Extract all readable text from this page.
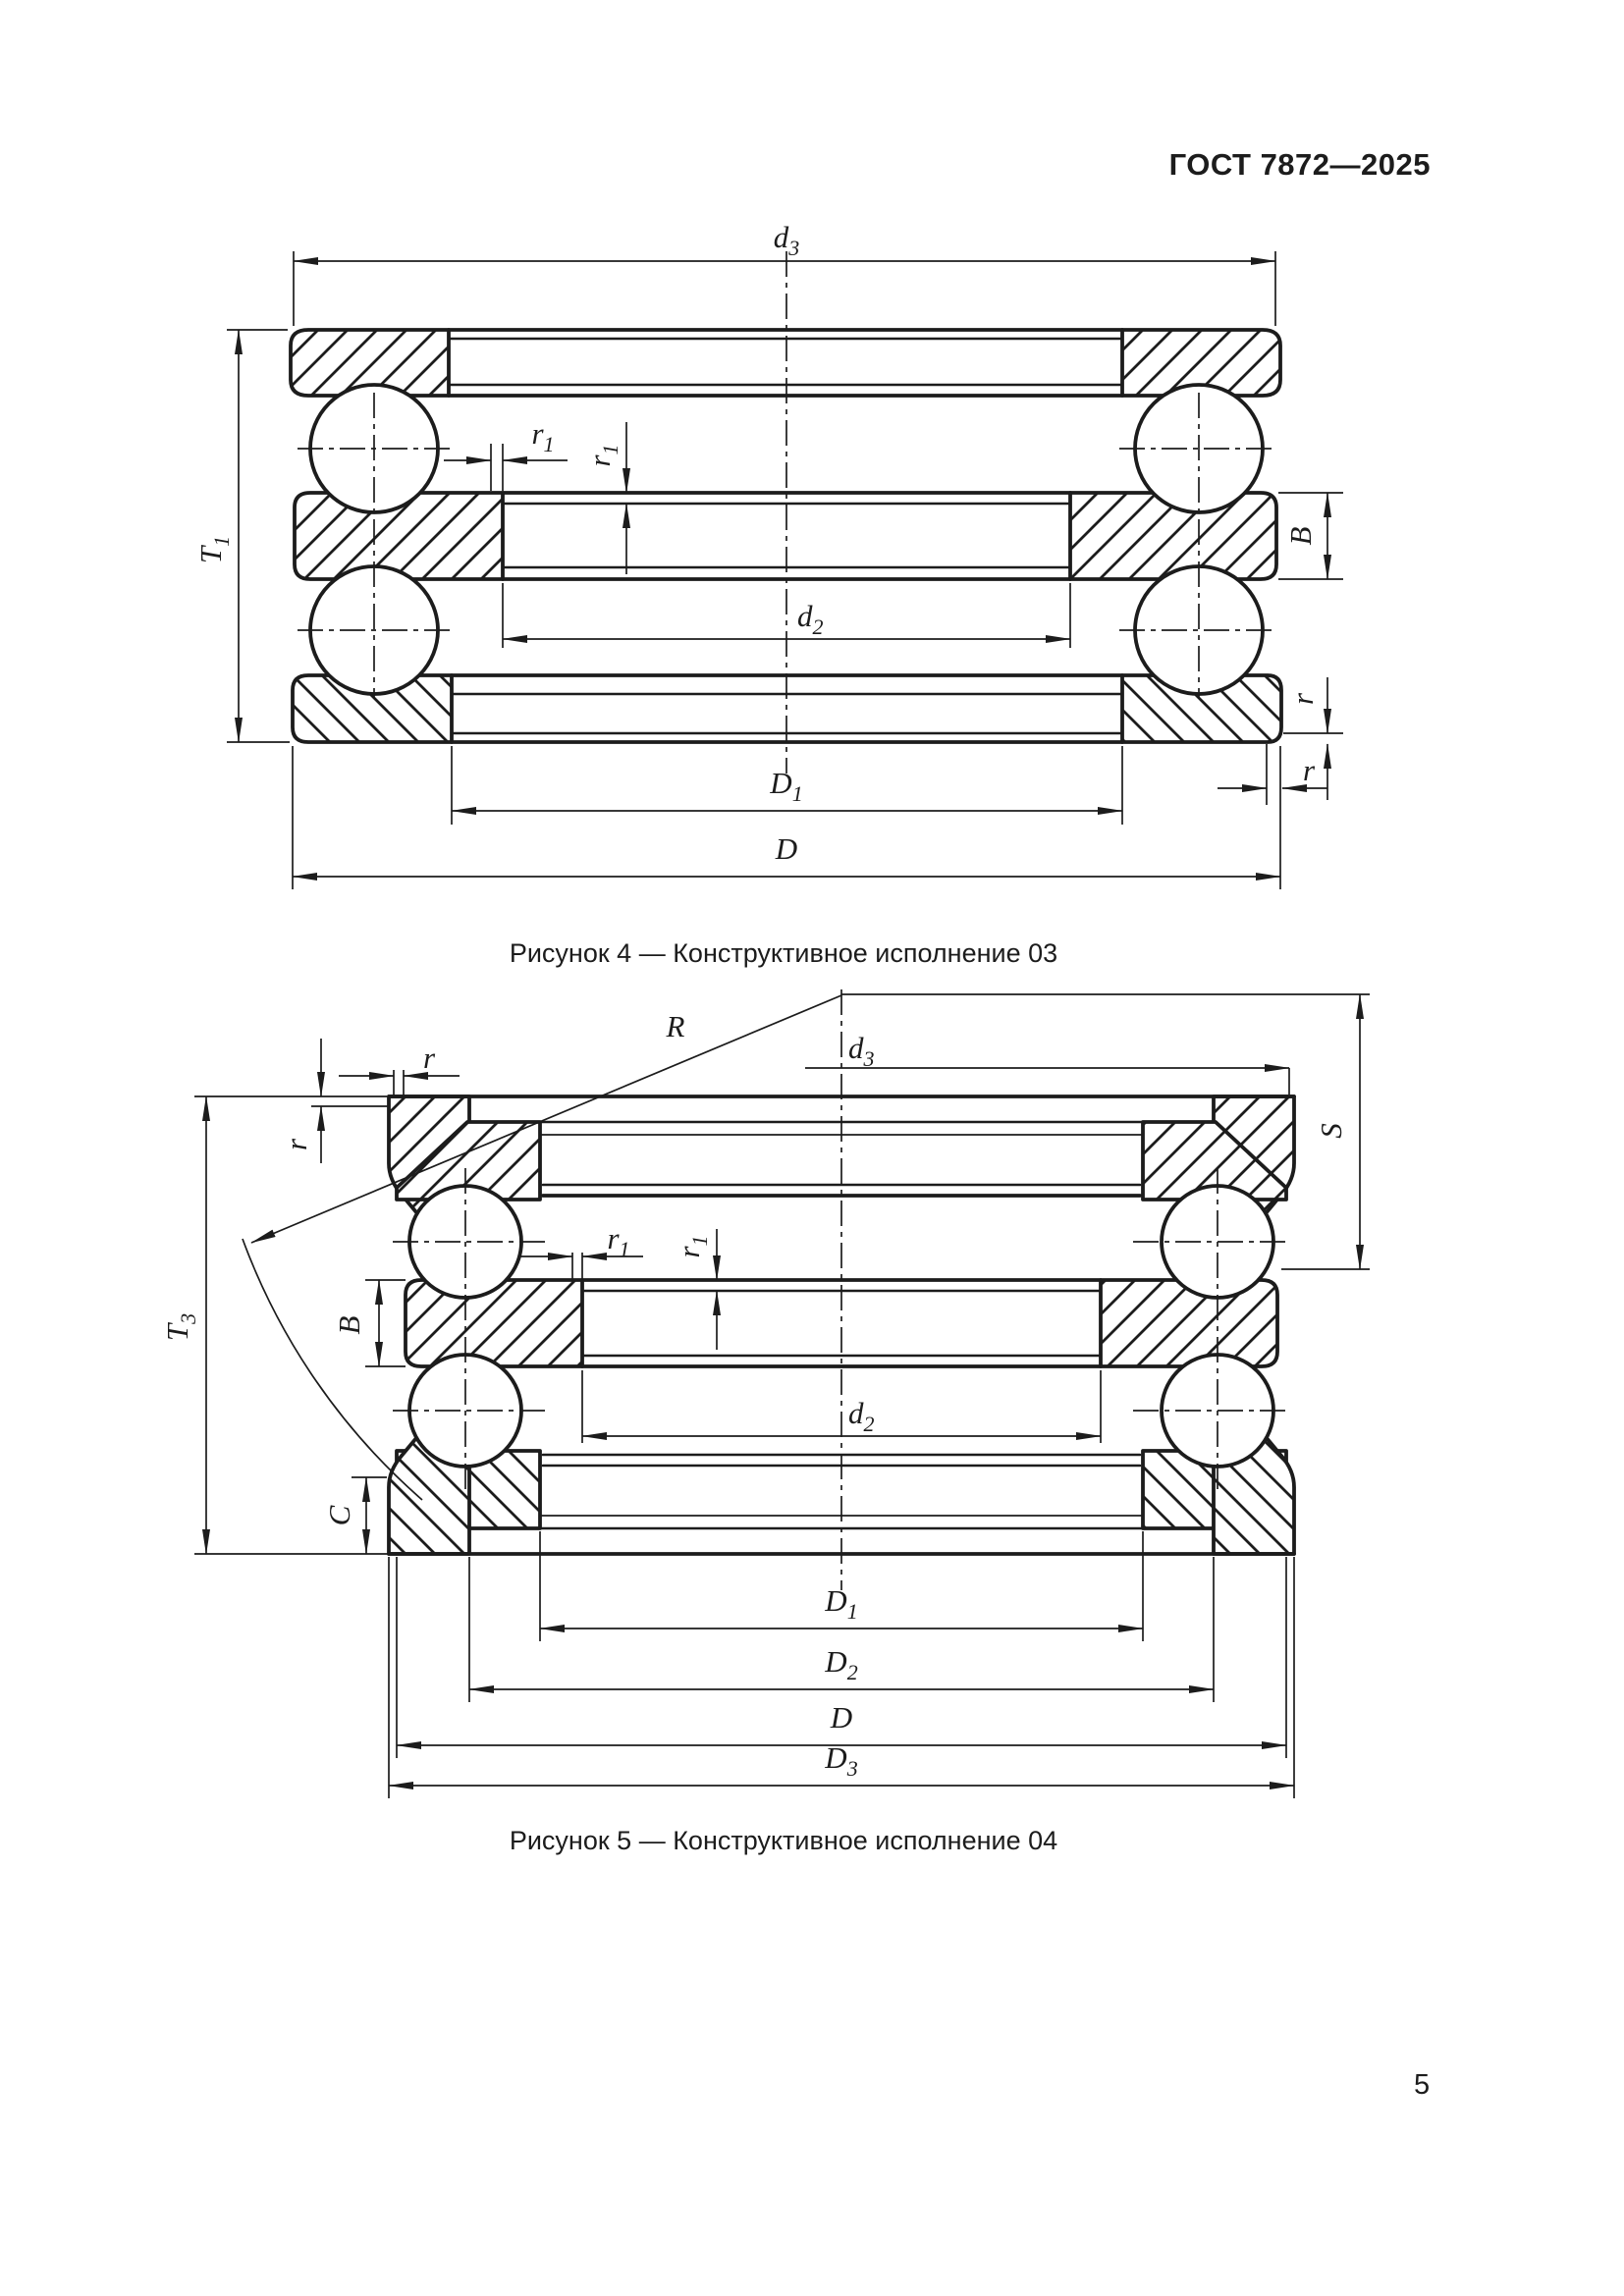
ГОСТ 7872—2025
$d_3$
$T_1$
$r_1$
$r_1$
B
r
r
$D_1$
D
$d_2$
R
S
$d_3$
r
r
$T_3$	B
$r_1$ $r_1$
$d_2$
C
$D_1$
$D_2$
D
$D_3$
Рисунок 4 — Конструктивное исполнение 03
Рисунок 5 — Конструктивное исполнение 04
5
